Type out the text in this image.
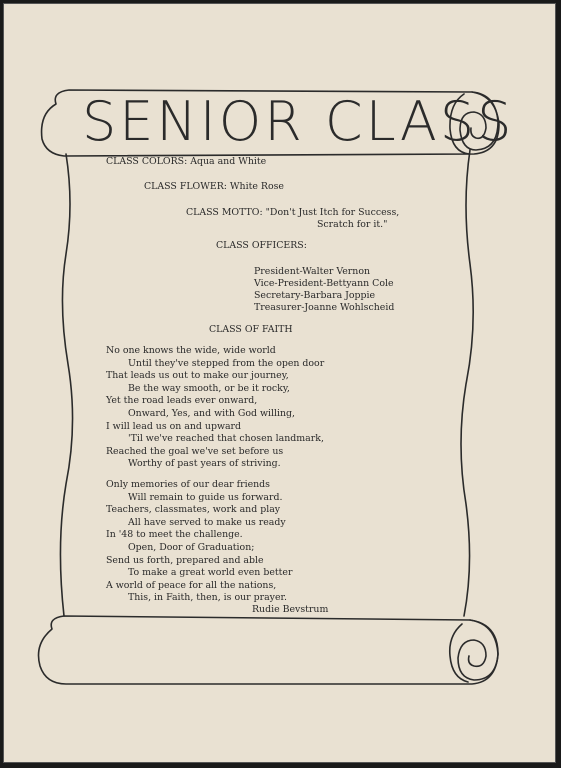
SENIOR CLASS
CLASS COLORS: Aqua and White
CLASS FLOWER: White Rose
CLASS MOTTO: "Don't Just Itch for Success,
Scratch for it."
CLASS OFFICERS:
President-Walter Vernon
Vice-President-Bettyann Cole
Secretary-Barbara Joppie
Treasurer-Joanne Wohlscheid
CLASS OF FAITH
No one knows the wide, wide world
Until they've stepped from the open door
That leads us out to make our journey,
Be the way smooth, or be it rocky,
Yet the road leads ever onward,
Onward, Yes, and with God willing,
I will lead us on and upward
'Til we've reached that chosen landmark,
Reached the goal we've set before us
Worthy of past years of striving.
Only memories of our dear friends
Will remain to guide us forward.
Teachers, classmates, work and play
All have served to make us ready
In '48 to meet the challenge.
Open, Door of Graduation;
Send us forth, prepared and able
To make a great world even better
A world of peace for all the nations,
This, in Faith, then, is our prayer.
Rudie Bevstrum
